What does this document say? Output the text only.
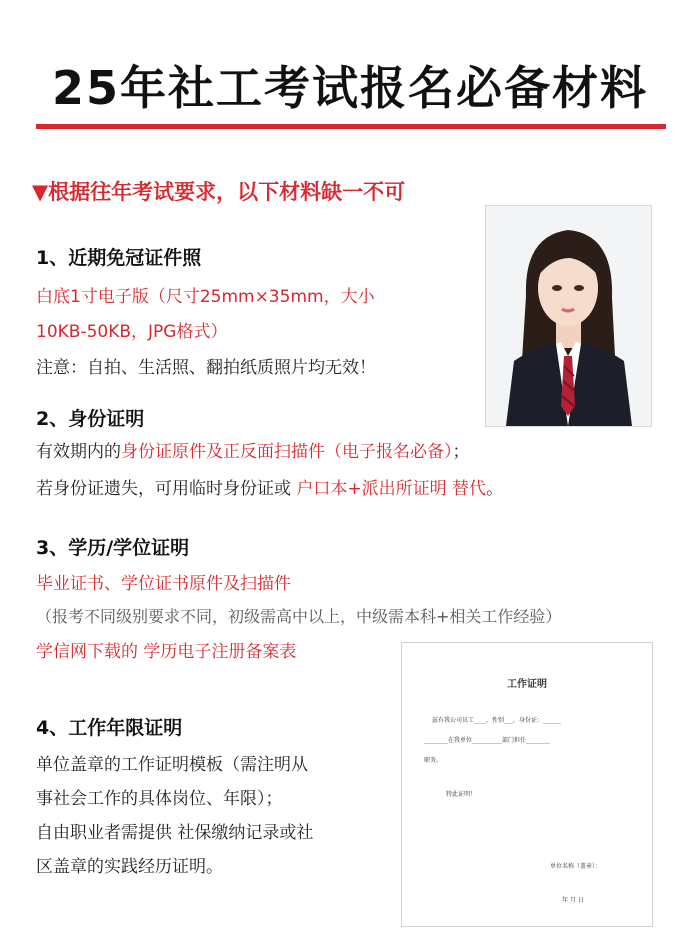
25年社工考试报名必备材料
▼根据往年考试要求，以下材料缺一不可
1、近期免冠证件照
白底1寸电子版（尺寸25mm×35mm，大小
10KB-50KB，JPG格式）
注意：自拍、生活照、翻拍纸质照片均无效！
2、身份证明
有效期内的身份证原件及正反面扫描件（电子报名必备）；
若身份证遗失，可用临时身份证或 户口本+派出所证明 替代。
3、学历/学位证明
毕业证书、学位证书原件及扫描件
（报考不同级别要求不同，初级需高中以上，中级需本科+相关工作经验）
学信网下载的 学历电子注册备案表
4、工作年限证明
单位盖章的工作证明模板（需注明从
事社会工作的具体岗位、年限）；
自由职业者需提供 社保缴纳记录或社
区盖章的实践经历证明。
工作证明
兹有我公司员工____，性别___，身份证：______
________在我单位__________部门担任________
职务。
特此证明！
单位名称（盖章）：
年 月 日
